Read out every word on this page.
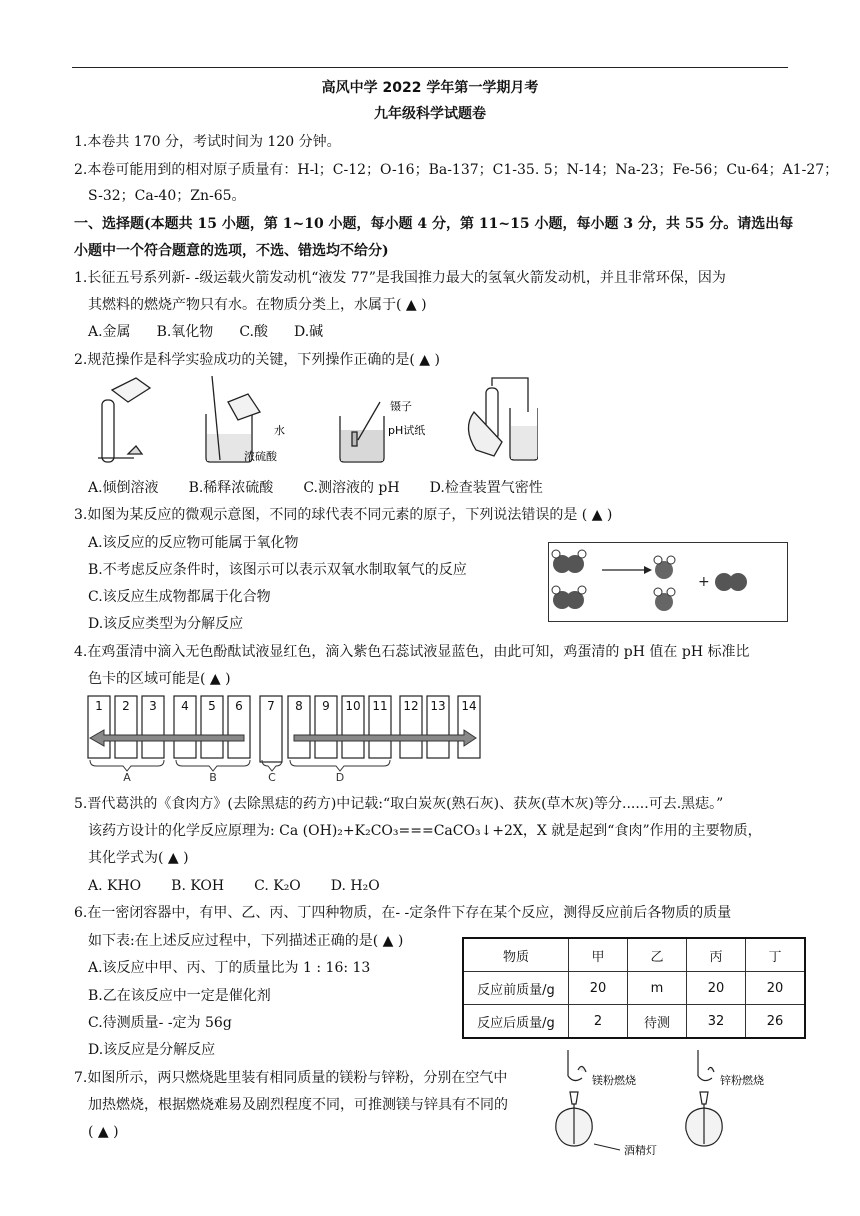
高风中学 2022 学年第一学期月考
九年级科学试题卷
1.本卷共 170 分，考试时间为 120 分钟。
2.本卷可能用到的相对原子质量有：H-l；C-12；O-16；Ba-137；C1-35. 5；N-14；Na-23；Fe-56；Cu-64；A1-27；
S-32；Ca-40；Zn-65。
一、选择题(本题共 15 小题，第 1~10 小题，每小题 4 分，第 11~15 小题，每小题 3 分，共 55 分。请选出每
小题中一个符合题意的选项，不选、错选均不给分)
1.长征五号系列新- -级运载火箭发动机“液发 77”是我国推力最大的氢氧火箭发动机，并且非常环保，因为
其燃料的燃烧产物只有水。在物质分类上，水属于( ▲ )
A.金属 B.氧化物 C.酸 D.碱
2.规范操作是科学实验成功的关键，下列操作正确的是( ▲ )
水
浓硫酸
镊子
pH试纸
A.倾倒溶液 B.稀释浓硫酸 C.测溶液的 pH D.检查装置气密性
3.如图为某反应的微观示意图，不同的球代表不同元素的原子，下列说法错误的是 ( ▲ )
A.该反应的反应物可能属于氧化物
B.不考虑反应条件时，该图示可以表示双氧水制取氧气的反应
C.该反应生成物都属于化合物
D.该反应类型为分解反应
+
4.在鸡蛋清中滴入无色酚酞试液显红色，滴入紫色石蕊试液显蓝色，由此可知，鸡蛋清的 pH 值在 pH 标准比
色卡的区域可能是( ▲ )
1 2 3 4 5 6 7 8 9 10 11 12 13 14
A	B	C	D
5.晋代葛洪的《食肉方》(去除黑痣的药方)中记载:“取白炭灰(熟石灰)、获灰(草木灰)等分......可去.黑痣。”
该药方设计的化学反应原理为: Ca (OH)₂+K₂CO₃===CaCO₃↓+2X，X 就是起到“食肉”作用的主要物质，
其化学式为( ▲ )
A. KHO B. KOH C. K₂O D. H₂O
6.在一密闭容器中，有甲、乙、丙、丁四种物质，在- -定条件下存在某个反应，测得反应前后各物质的质量
如下表:在上述反应过程中，下列描述正确的是( ▲ )
A.该反应中甲、丙、丁的质量比为 1 : 16: 13
B.乙在该反应中一定是催化剂
C.待测质量- -定为 56g
D.该反应是分解反应
物质	甲	乙	丙	丁
反应前质量/g	20	m	20	20
反应后质量/g	2	待测	32	26
7.如图所示，两只燃烧匙里装有相同质量的镁粉与锌粉，分别在空气中
加热燃烧，根据燃烧难易及剧烈程度不同，可推测镁与锌具有不同的
( ▲ )
镁粉燃烧
酒精灯
锌粉燃烧
